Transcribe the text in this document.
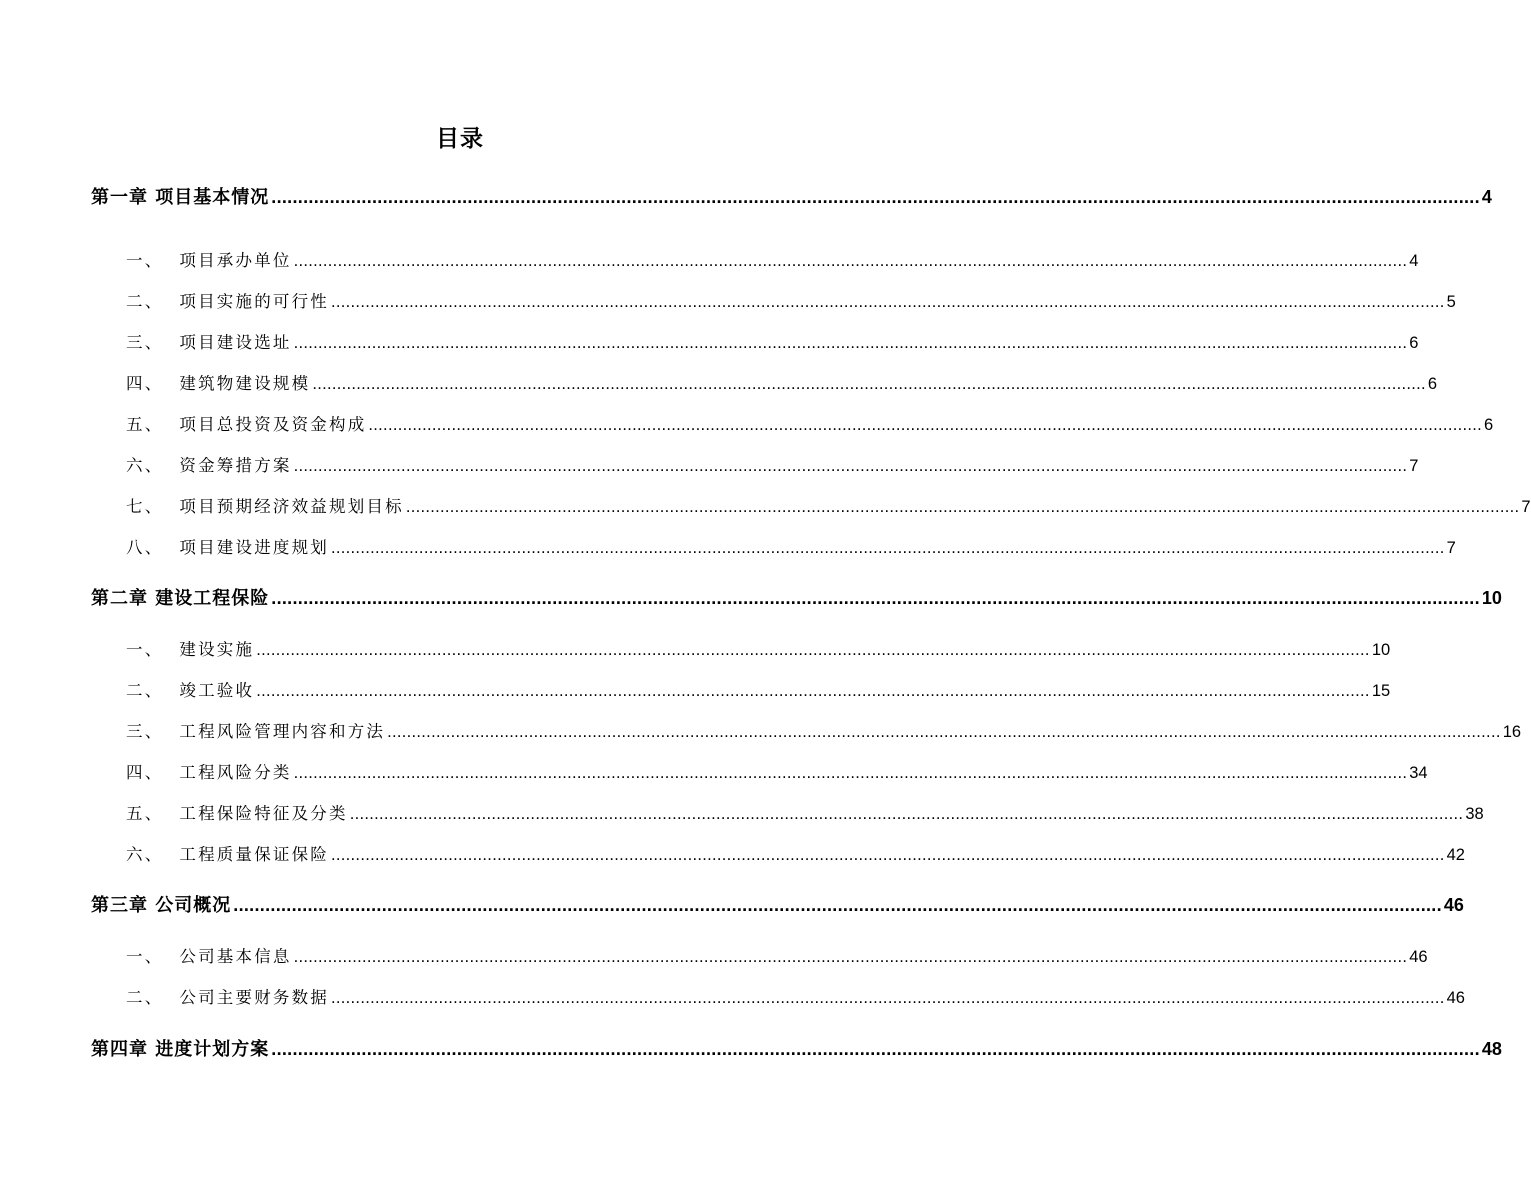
目录
第一章 项目基本情况 .................................................................................................................................................................................................................................... 4
一、 项目承办单位 .................................................................................................................................................................................................................................... 4
二、 项目实施的可行性 .................................................................................................................................................................................................................................... 5
三、 项目建设选址 .................................................................................................................................................................................................................................... 6
四、 建筑物建设规模 .................................................................................................................................................................................................................................... 6
五、 项目总投资及资金构成 .................................................................................................................................................................................................................................... 6
六、 资金筹措方案 .................................................................................................................................................................................................................................... 7
七、 项目预期经济效益规划目标 .................................................................................................................................................................................................................................... 7
八、 项目建设进度规划 .................................................................................................................................................................................................................................... 7
第二章 建设工程保险 .................................................................................................................................................................................................................................... 10
一、 建设实施 .................................................................................................................................................................................................................................... 10
二、 竣工验收 .................................................................................................................................................................................................................................... 15
三、 工程风险管理内容和方法 .................................................................................................................................................................................................................................... 16
四、 工程风险分类 .................................................................................................................................................................................................................................... 34
五、 工程保险特征及分类 .................................................................................................................................................................................................................................... 38
六、 工程质量保证保险 .................................................................................................................................................................................................................................... 42
第三章 公司概况 .................................................................................................................................................................................................................................... 46
一、 公司基本信息 .................................................................................................................................................................................................................................... 46
二、 公司主要财务数据 .................................................................................................................................................................................................................................... 46
第四章 进度计划方案 .................................................................................................................................................................................................................................... 48
